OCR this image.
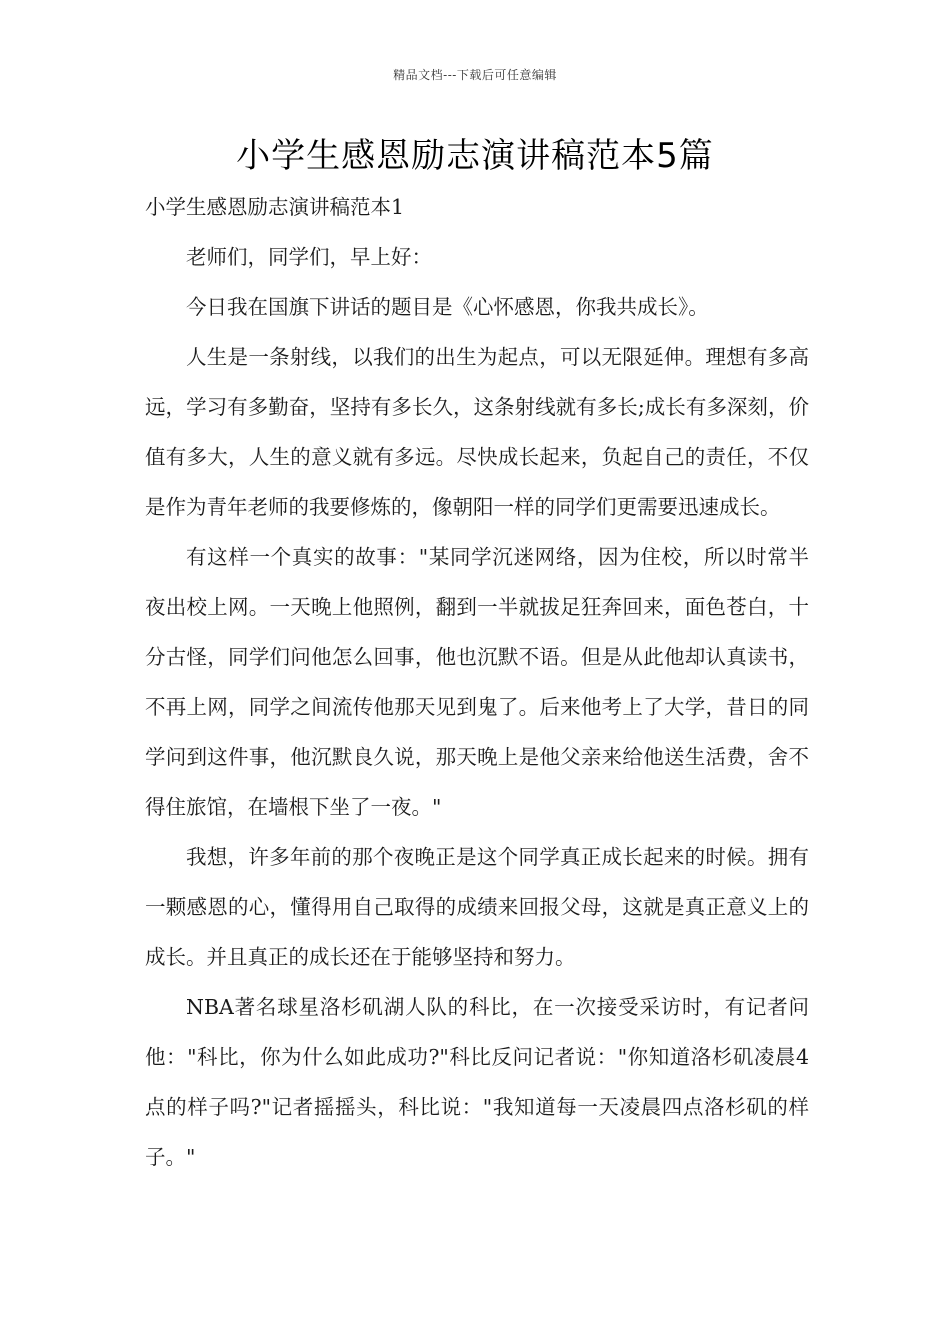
精品文档---下载后可任意编辑
小学生感恩励志演讲稿范本5篇

小学生感恩励志演讲稿范本1

老师们，同学们，早上好：

今日我在国旗下讲话的题目是《心怀感恩，你我共成长》。

人生是一条射线，以我们的出生为起点，可以无限延伸。理想有多高远，学习有多勤奋，坚持有多长久，这条射线就有多长;成长有多深刻，价值有多大，人生的意义就有多远。尽快成长起来，负起自己的责任，不仅是作为青年老师的我要修炼的，像朝阳一样的同学们更需要迅速成长。

有这样一个真实的故事："某同学沉迷网络，因为住校，所以时常半夜出校上网。一天晚上他照例，翻到一半就拔足狂奔回来，面色苍白，十分古怪，同学们问他怎么回事，他也沉默不语。但是从此他却认真读书，不再上网，同学之间流传他那天见到鬼了。后来他考上了大学，昔日的同学问到这件事，他沉默良久说，那天晚上是他父亲来给他送生活费，舍不得住旅馆，在墙根下坐了一夜。"

我想，许多年前的那个夜晚正是这个同学真正成长起来的时候。拥有一颗感恩的心，懂得用自己取得的成绩来回报父母，这就是真正意义上的成长。并且真正的成长还在于能够坚持和努力。

NBA著名球星洛杉矶湖人队的科比，在一次接受采访时，有记者问他："科比，你为什么如此成功?"科比反问记者说："你知道洛杉矶凌晨4点的样子吗?"记者摇摇头，科比说："我知道每一天凌晨四点洛杉矶的样子。"
